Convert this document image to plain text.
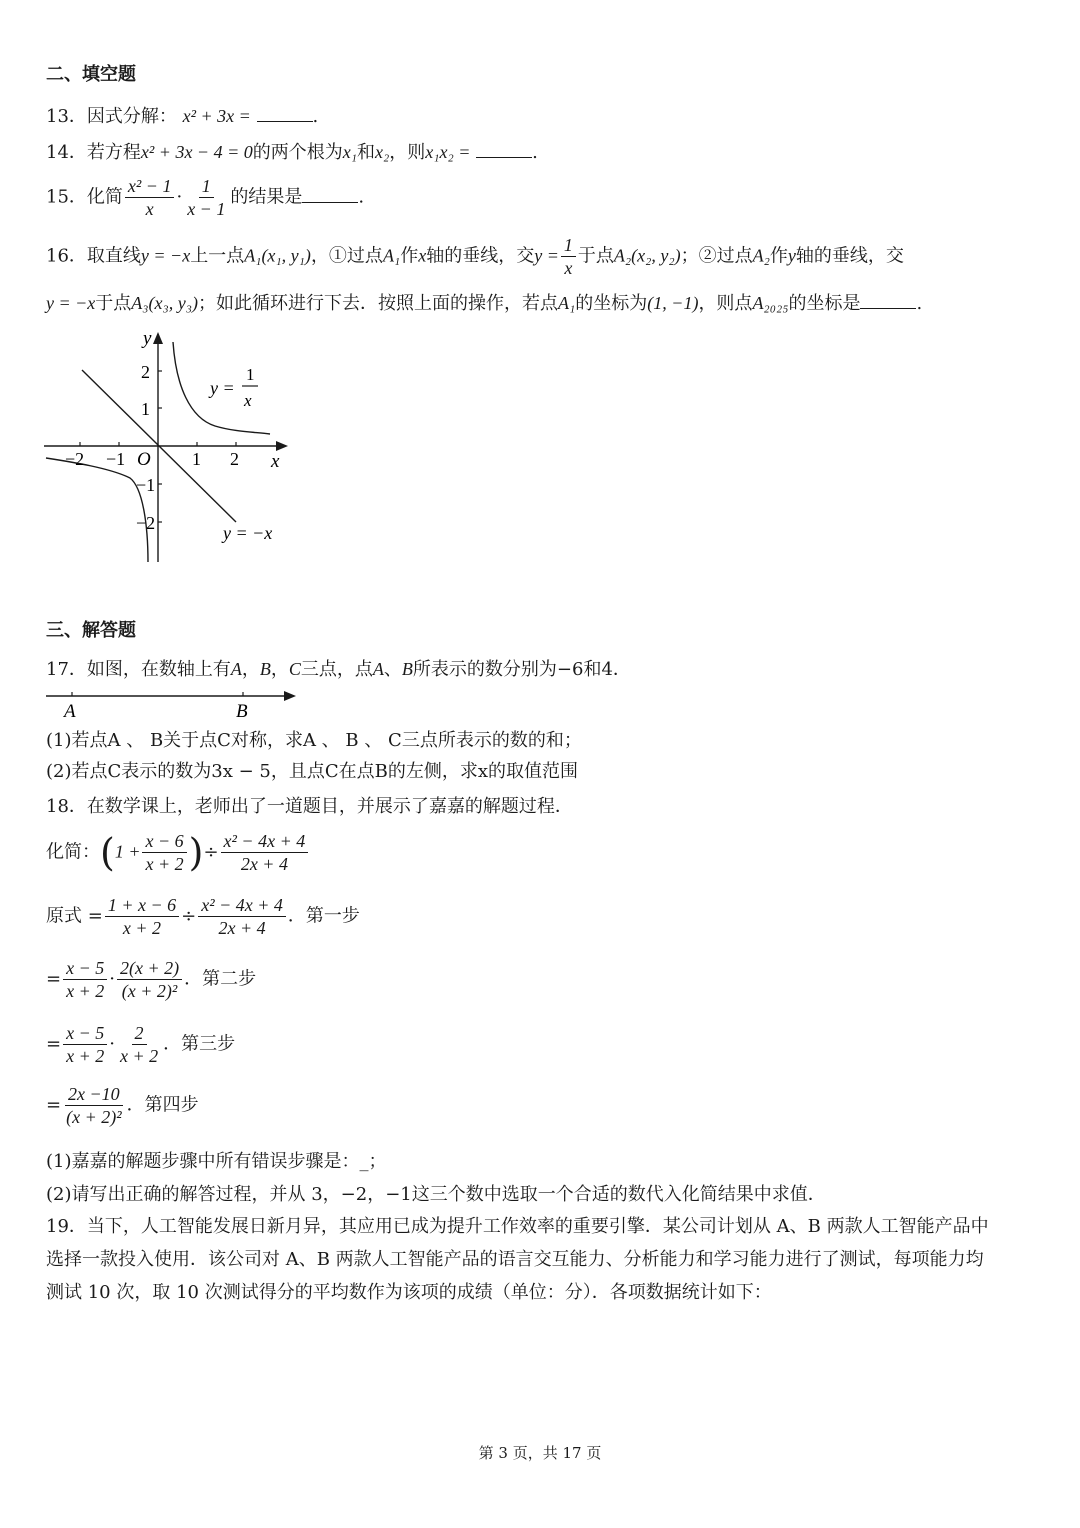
二、填空题
13．因式分解： x² + 3x =	.
14．若方程x² + 3x − 4 = 0的两个根为x₁和x₂，则x₁x₂ =	.
15．化简 $\frac{\text{x² − 1}}{x} \cdot \frac{1}{x - 1}$ 的结果是	.
16．取直线y = −x上一点A₁(x₁, y₁)，①过点A₁作x轴的垂线，交$y = \frac{1}{x}$ 于点A₂(x₂, y₂)；②过点A₂作y轴的垂线，交
y = −x于点A₃(x₃, y₃)；如此循环进行下去．按照上面的操作，若点A₁的坐标为(1, −1)，则点A₂₀₂₅的坐标是	.
y
x
O
−2 −1	1 2
2
1
−1
−2
y =
1
x
y = −x
三、解答题
17．如图，在数轴上有A，B，C三点，点A、B所表示的数分别为−6和4．
A	B
(1)若点A 、 B关于点C对称，求A 、 B 、 C三点所表示的数的和；
(2)若点C表示的数为3x − 5，且点C在点B的左侧，求x的取值范围
18．在数学课上，老师出了一道题目，并展示了嘉嘉的解题过程．
化简：($1 + \frac{x - 6}{x + 2}$ )÷ $\frac{\text{x² − 4x + 4}}{2x + 4}$
原式 = $\frac{1 + x - 6}{x + 2} \div \frac{\text{x² − 4x + 4}}{2x + 4}$ ．第一步
= $\frac{x - 5}{x + 2} \cdot \frac{2(x + 2)}{\text{(x + 2)²}}$ ．第二步
= $\frac{x - 5}{x + 2} \cdot \frac{2}{x + 2}$ ．第三步
= $\frac{2x -10}{\text{(x + 2)²}}$ ．第四步
(1)嘉嘉的解题步骤中所有错误步骤是：_；
(2)请写出正确的解答过程，并从 3，−2，−1这三个数中选取一个合适的数代入化简结果中求值．
19．当下，人工智能发展日新月异，其应用已成为提升工作效率的重要引擎．某公司计划从 A、B 两款人工智能产品中
选择一款投入使用．该公司对 A、B 两款人工智能产品的语言交互能力、分析能力和学习能力进行了测试，每项能力均
测试 10 次，取 10 次测试得分的平均数作为该项的成绩（单位：分）．各项数据统计如下：
第 3 页，共 17 页
